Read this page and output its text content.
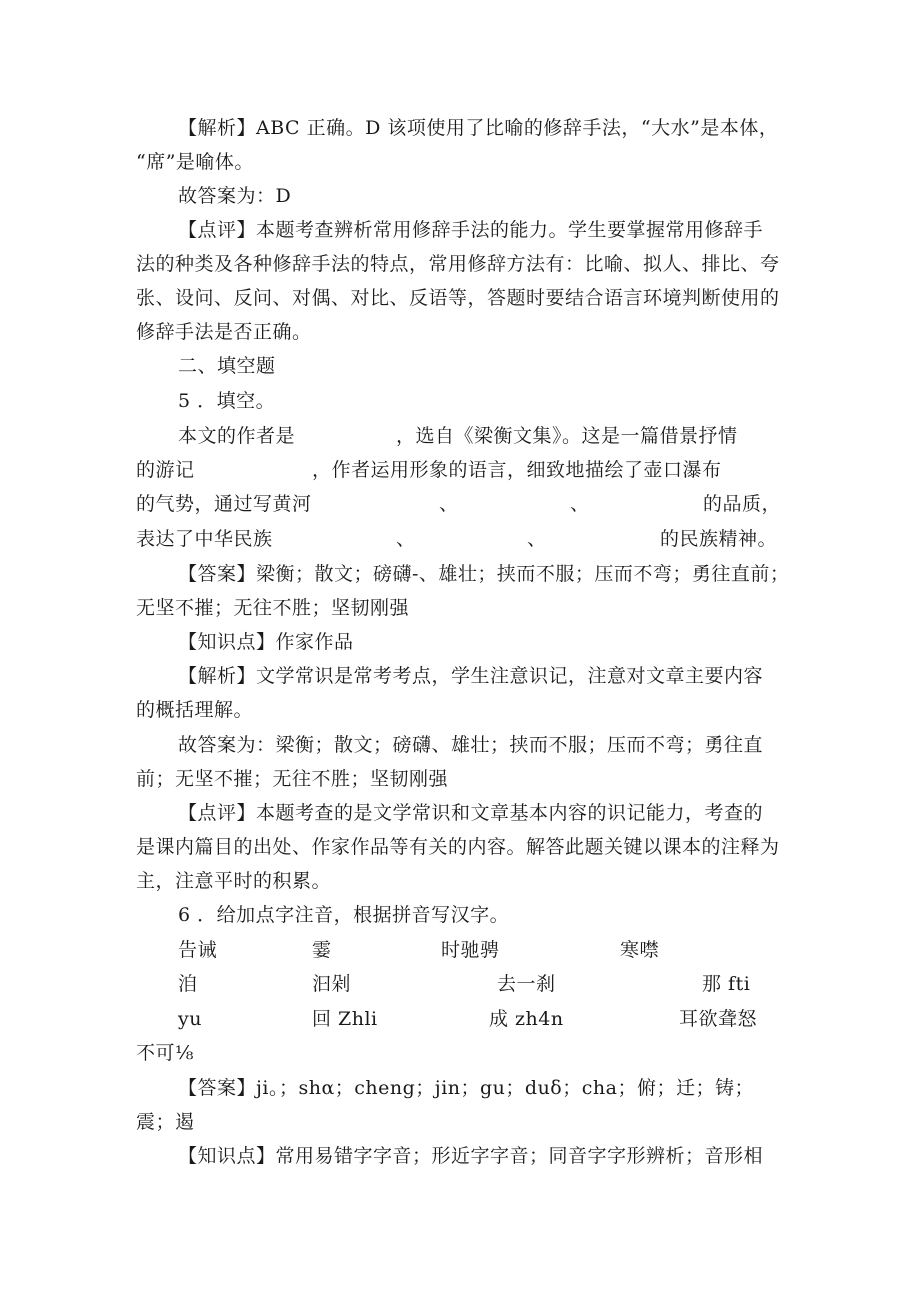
【解析】ABC 正确。D 该项使用了比喻的修辞手法，“大水”是本体，
“席”是喻体。
故答案为：D
【点评】本题考查辨析常用修辞手法的能力。学生要掌握常用修辞手
法的种类及各种修辞手法的特点，常用修辞方法有：比喻、拟人、排比、夸
张、设问、反问、对偶、对比、反语等，答题时要结合语言环境判断使用的
修辞手法是否正确。
二、填空题
5 ．填空。
本文的作者是	，选自《梁衡文集》。这是一篇借景抒情
的游记	，作者运用形象的语言，细致地描绘了壶口瀑布
的气势，通过写黄河	、	、	的品质，
表达了中华民族	、	、	的民族精神。
【答案】梁衡；散文；磅礴-、雄壮；挟而不服；压而不弯；勇往直前；
无坚不摧；无往不胜；坚韧刚强
【知识点】作家作品
【解析】文学常识是常考考点，学生注意识记，注意对文章主要内容
的概括理解。
故答案为：梁衡；散文；磅礴、雄壮；挟而不服；压而不弯；勇往直
前；无坚不摧；无往不胜；坚韧刚强
【点评】本题考查的是文学常识和文章基本内容的识记能力，考查的
是课内篇目的出处、作家作品等有关的内容。解答此题关键以课本的注释为
主，注意平时的积累。
6 ．给加点字注音，根据拼音写汉字。
告诫	霎	时驰骋	寒噤
洎	汩剁	去一刹	那 fti
yu	回 Zhli	成 zh4n	耳欲聋怒
不可⅛
【答案】ji。；shα；cheng；jin；gu；duδ；cha；俯；迁；铸；
震；遏
【知识点】常用易错字字音；形近字字音；同音字字形辨析；音形相
